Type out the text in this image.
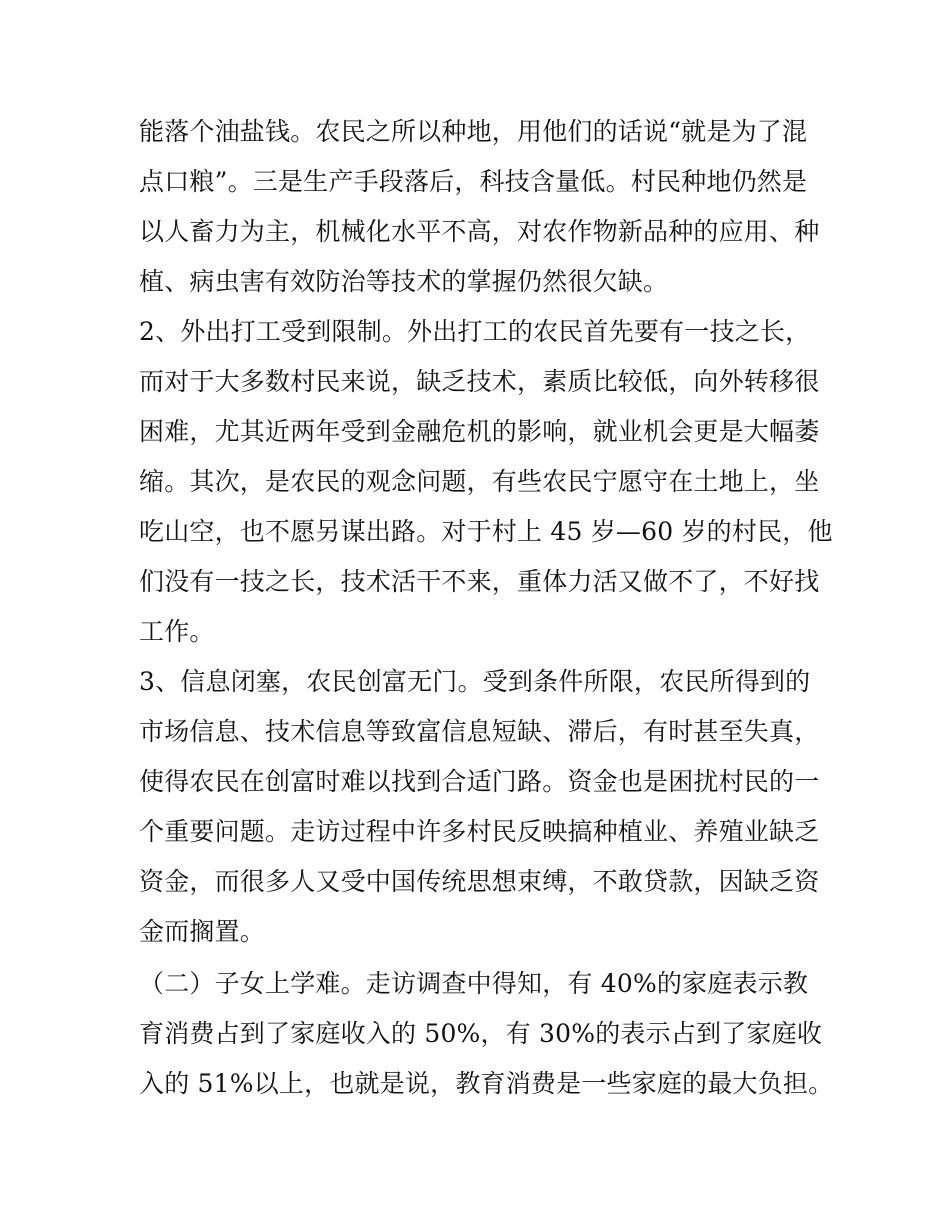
能落个油盐钱。农民之所以种地，用他们的话说“就是为了混
点口粮”。三是生产手段落后，科技含量低。村民种地仍然是
以人畜力为主，机械化水平不高，对农作物新品种的应用、种
植、病虫害有效防治等技术的掌握仍然很欠缺。
2、外出打工受到限制。外出打工的农民首先要有一技之长，
而对于大多数村民来说，缺乏技术，素质比较低，向外转移很
困难，尤其近两年受到金融危机的影响，就业机会更是大幅萎
缩。其次，是农民的观念问题，有些农民宁愿守在土地上，坐
吃山空，也不愿另谋出路。对于村上 45 岁—60 岁的村民，他
们没有一技之长，技术活干不来，重体力活又做不了，不好找
工作。
3、信息闭塞，农民创富无门。受到条件所限，农民所得到的
市场信息、技术信息等致富信息短缺、滞后，有时甚至失真，
使得农民在创富时难以找到合适门路。资金也是困扰村民的一
个重要问题。走访过程中许多村民反映搞种植业、养殖业缺乏
资金，而很多人又受中国传统思想束缚，不敢贷款，因缺乏资
金而搁置。
（二）子女上学难。走访调查中得知，有 40%的家庭表示教
育消费占到了家庭收入的 50%，有 30%的表示占到了家庭收
入的 51%以上，也就是说，教育消费是一些家庭的最大负担。
